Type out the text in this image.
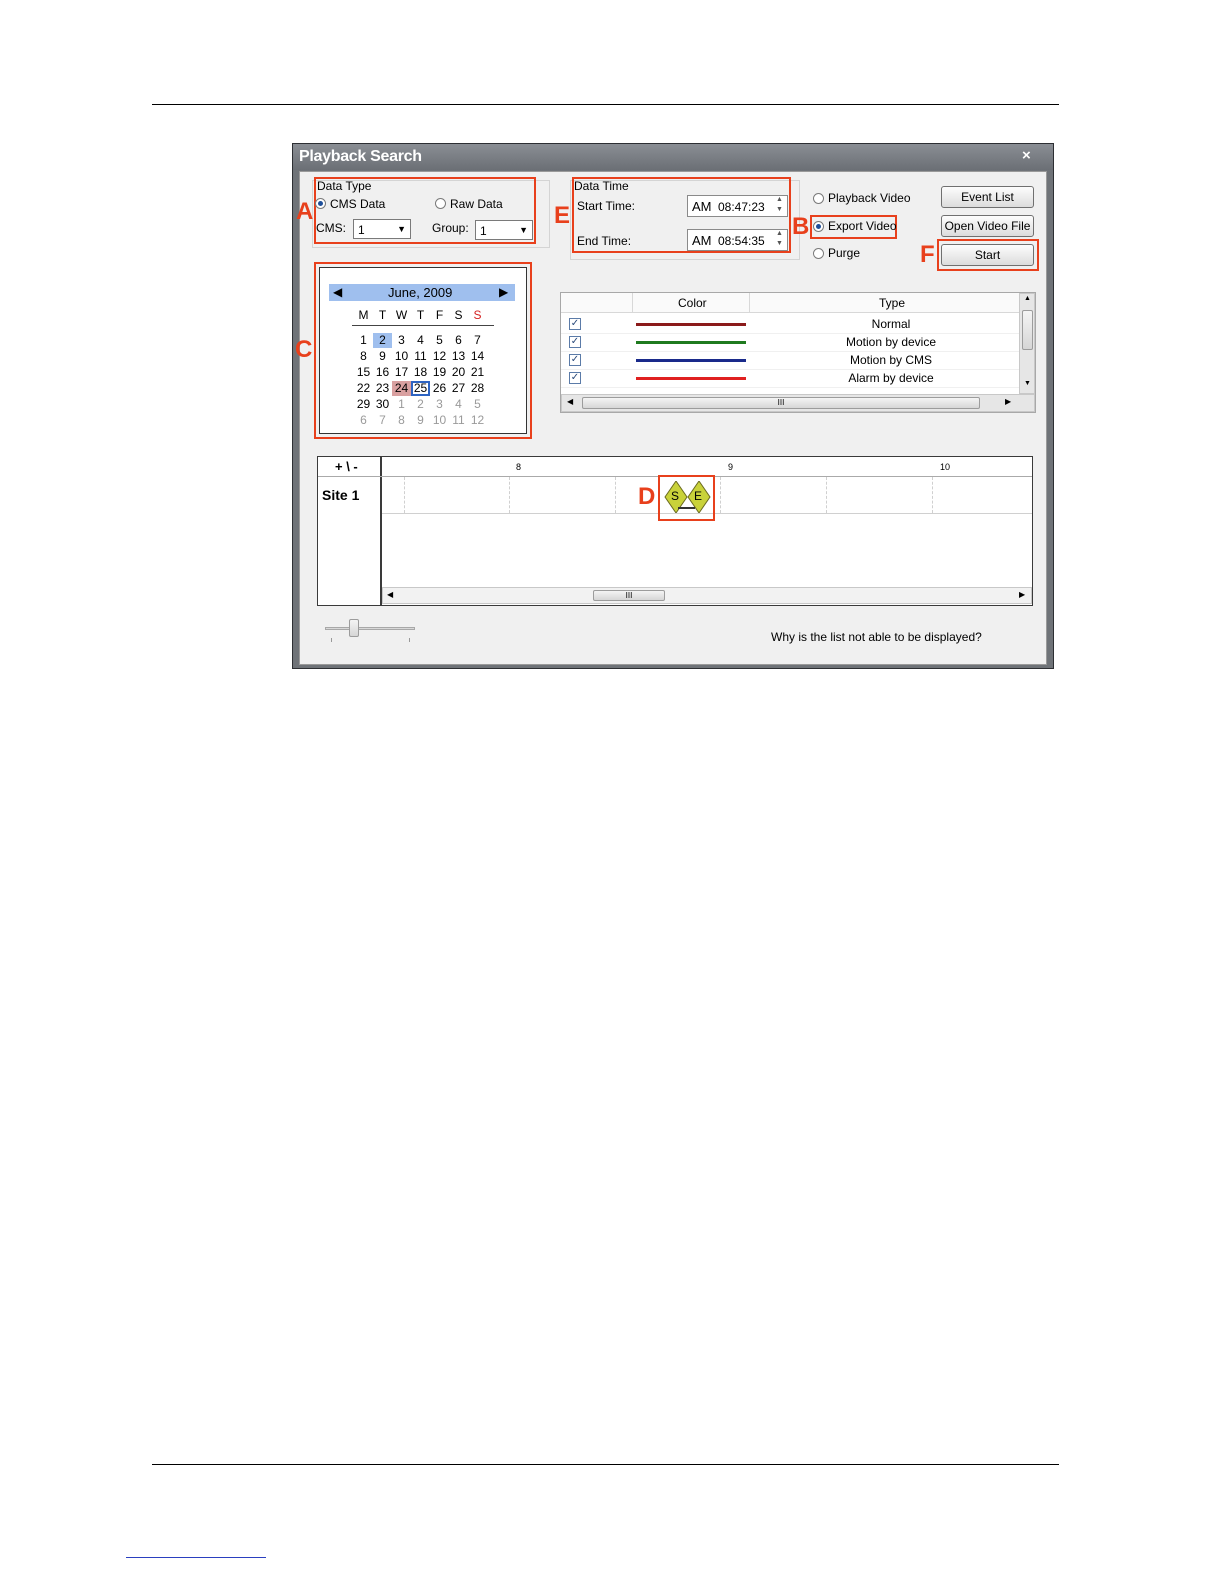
Playback Search	×
A
Data Type
CMS Data	Raw Data
CMS: 1	▼ Group: 1	▼
E
Data Time
Start Time:	AM 08:47:23
▲
▼
End Time:	AM 08:54:35
▲
▼
Playback Video
B Export Video
Purge
Event List
Open Video File
F	Start
C
◀	June, 2009	▶
M T W T F S S
1	2	3	4	5	6	7
8	9 10 11 12 13 14
15 16 17 18 19 20 21
22 23 24 25 26 27 28
29 30 1	2	3	4	5
6	7	8	9 10 11 12
Color	Type
✓	Normal
✓	Motion by device
✓	Motion by CMS
✓	Alarm by device
▲
▼
◀	III	▶
+ \ -
Site 1
8	9	10
S E
D
◀	III	▶
Why is the list not able to be displayed?
